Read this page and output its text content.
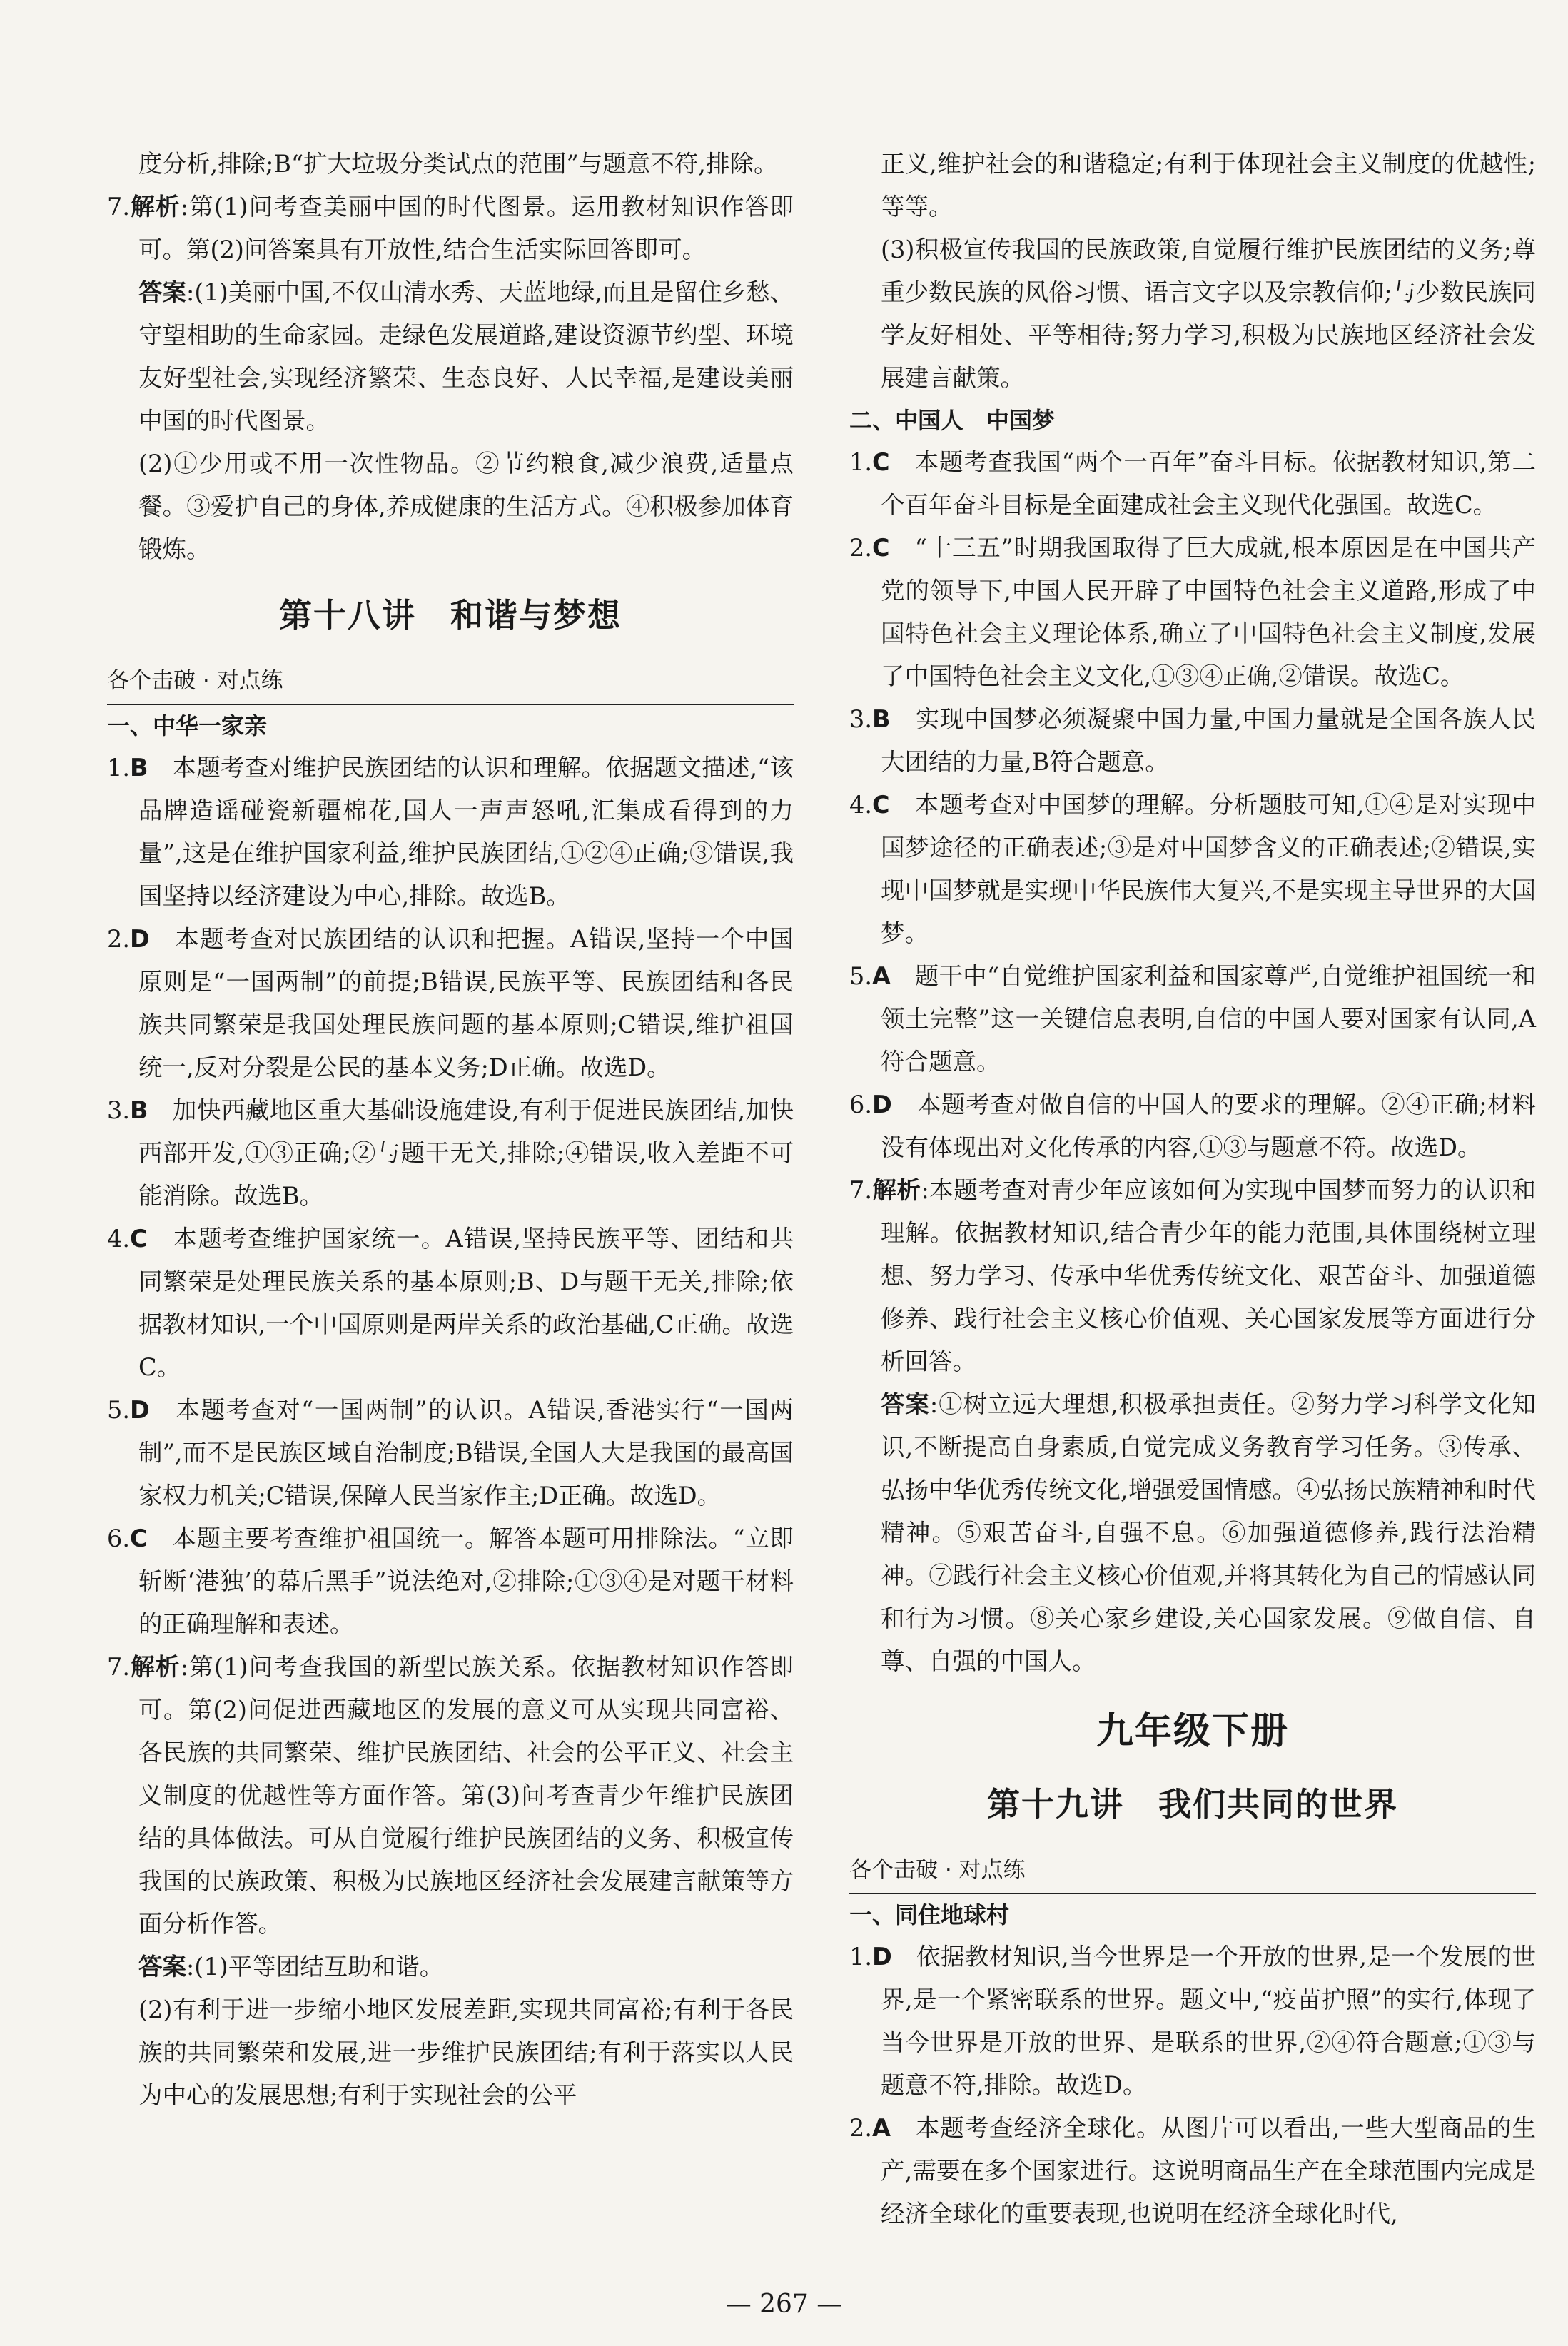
度分析,排除;B“扩大垃圾分类试点的范围”与题意不符,排除。

7.解析:第(1)问考查美丽中国的时代图景。运用教材知识作答即可。第(2)问答案具有开放性,结合生活实际回答即可。

答案:(1)美丽中国,不仅山清水秀、天蓝地绿,而且是留住乡愁、守望相助的生命家园。走绿色发展道路,建设资源节约型、环境友好型社会,实现经济繁荣、生态良好、人民幸福,是建设美丽中国的时代图景。

(2)①少用或不用一次性物品。②节约粮食,减少浪费,适量点餐。③爱护自己的身体,养成健康的生活方式。④积极参加体育锻炼。

第十八讲　和谐与梦想
各个击破 · 对点练
一、中华一家亲

1.B　本题考查对维护民族团结的认识和理解。依据题文描述,“该品牌造谣碰瓷新疆棉花,国人一声声怒吼,汇集成看得到的力量”,这是在维护国家利益,维护民族团结,①②④正确;③错误,我国坚持以经济建设为中心,排除。故选B。

2.D　本题考查对民族团结的认识和把握。A错误,坚持一个中国原则是“一国两制”的前提;B错误,民族平等、民族团结和各民族共同繁荣是我国处理民族问题的基本原则;C错误,维护祖国统一,反对分裂是公民的基本义务;D正确。故选D。

3.B　加快西藏地区重大基础设施建设,有利于促进民族团结,加快西部开发,①③正确;②与题干无关,排除;④错误,收入差距不可能消除。故选B。

4.C　本题考查维护国家统一。A错误,坚持民族平等、团结和共同繁荣是处理民族关系的基本原则;B、D与题干无关,排除;依据教材知识,一个中国原则是两岸关系的政治基础,C正确。故选C。

5.D　本题考查对“一国两制”的认识。A错误,香港实行“一国两制”,而不是民族区域自治制度;B错误,全国人大是我国的最高国家权力机关;C错误,保障人民当家作主;D正确。故选D。

6.C　本题主要考查维护祖国统一。解答本题可用排除法。“立即斩断‘港独’的幕后黑手”说法绝对,②排除;①③④是对题干材料的正确理解和表述。

7.解析:第(1)问考查我国的新型民族关系。依据教材知识作答即可。第(2)问促进西藏地区的发展的意义可从实现共同富裕、各民族的共同繁荣、维护民族团结、社会的公平正义、社会主义制度的优越性等方面作答。第(3)问考查青少年维护民族团结的具体做法。可从自觉履行维护民族团结的义务、积极宣传我国的民族政策、积极为民族地区经济社会发展建言献策等方面分析作答。

答案:(1)平等团结互助和谐。

(2)有利于进一步缩小地区发展差距,实现共同富裕;有利于各民族的共同繁荣和发展,进一步维护民族团结;有利于落实以人民为中心的发展思想;有利于实现社会的公平

正义,维护社会的和谐稳定;有利于体现社会主义制度的优越性;等等。

(3)积极宣传我国的民族政策,自觉履行维护民族团结的义务;尊重少数民族的风俗习惯、语言文字以及宗教信仰;与少数民族同学友好相处、平等相待;努力学习,积极为民族地区经济社会发展建言献策。

二、中国人　中国梦

1.C　本题考查我国“两个一百年”奋斗目标。依据教材知识,第二个百年奋斗目标是全面建成社会主义现代化强国。故选C。

2.C　“十三五”时期我国取得了巨大成就,根本原因是在中国共产党的领导下,中国人民开辟了中国特色社会主义道路,形成了中国特色社会主义理论体系,确立了中国特色社会主义制度,发展了中国特色社会主义文化,①③④正确,②错误。故选C。

3.B　实现中国梦必须凝聚中国力量,中国力量就是全国各族人民大团结的力量,B符合题意。

4.C　本题考查对中国梦的理解。分析题肢可知,①④是对实现中国梦途径的正确表述;③是对中国梦含义的正确表述;②错误,实现中国梦就是实现中华民族伟大复兴,不是实现主导世界的大国梦。

5.A　题干中“自觉维护国家利益和国家尊严,自觉维护祖国统一和领土完整”这一关键信息表明,自信的中国人要对国家有认同,A符合题意。

6.D　本题考查对做自信的中国人的要求的理解。②④正确;材料没有体现出对文化传承的内容,①③与题意不符。故选D。

7.解析:本题考查对青少年应该如何为实现中国梦而努力的认识和理解。依据教材知识,结合青少年的能力范围,具体围绕树立理想、努力学习、传承中华优秀传统文化、艰苦奋斗、加强道德修养、践行社会主义核心价值观、关心国家发展等方面进行分析回答。

答案:①树立远大理想,积极承担责任。②努力学习科学文化知识,不断提高自身素质,自觉完成义务教育学习任务。③传承、弘扬中华优秀传统文化,增强爱国情感。④弘扬民族精神和时代精神。⑤艰苦奋斗,自强不息。⑥加强道德修养,践行法治精神。⑦践行社会主义核心价值观,并将其转化为自己的情感认同和行为习惯。⑧关心家乡建设,关心国家发展。⑨做自信、自尊、自强的中国人。

九年级下册
第十九讲　我们共同的世界
各个击破 · 对点练
一、同住地球村

1.D　依据教材知识,当今世界是一个开放的世界,是一个发展的世界,是一个紧密联系的世界。题文中,“疫苗护照”的实行,体现了当今世界是开放的世界、是联系的世界,②④符合题意;①③与题意不符,排除。故选D。

2.A　本题考查经济全球化。从图片可以看出,一些大型商品的生产,需要在多个国家进行。这说明商品生产在全球范围内完成是经济全球化的重要表现,也说明在经济全球化时代,

— 267 —
